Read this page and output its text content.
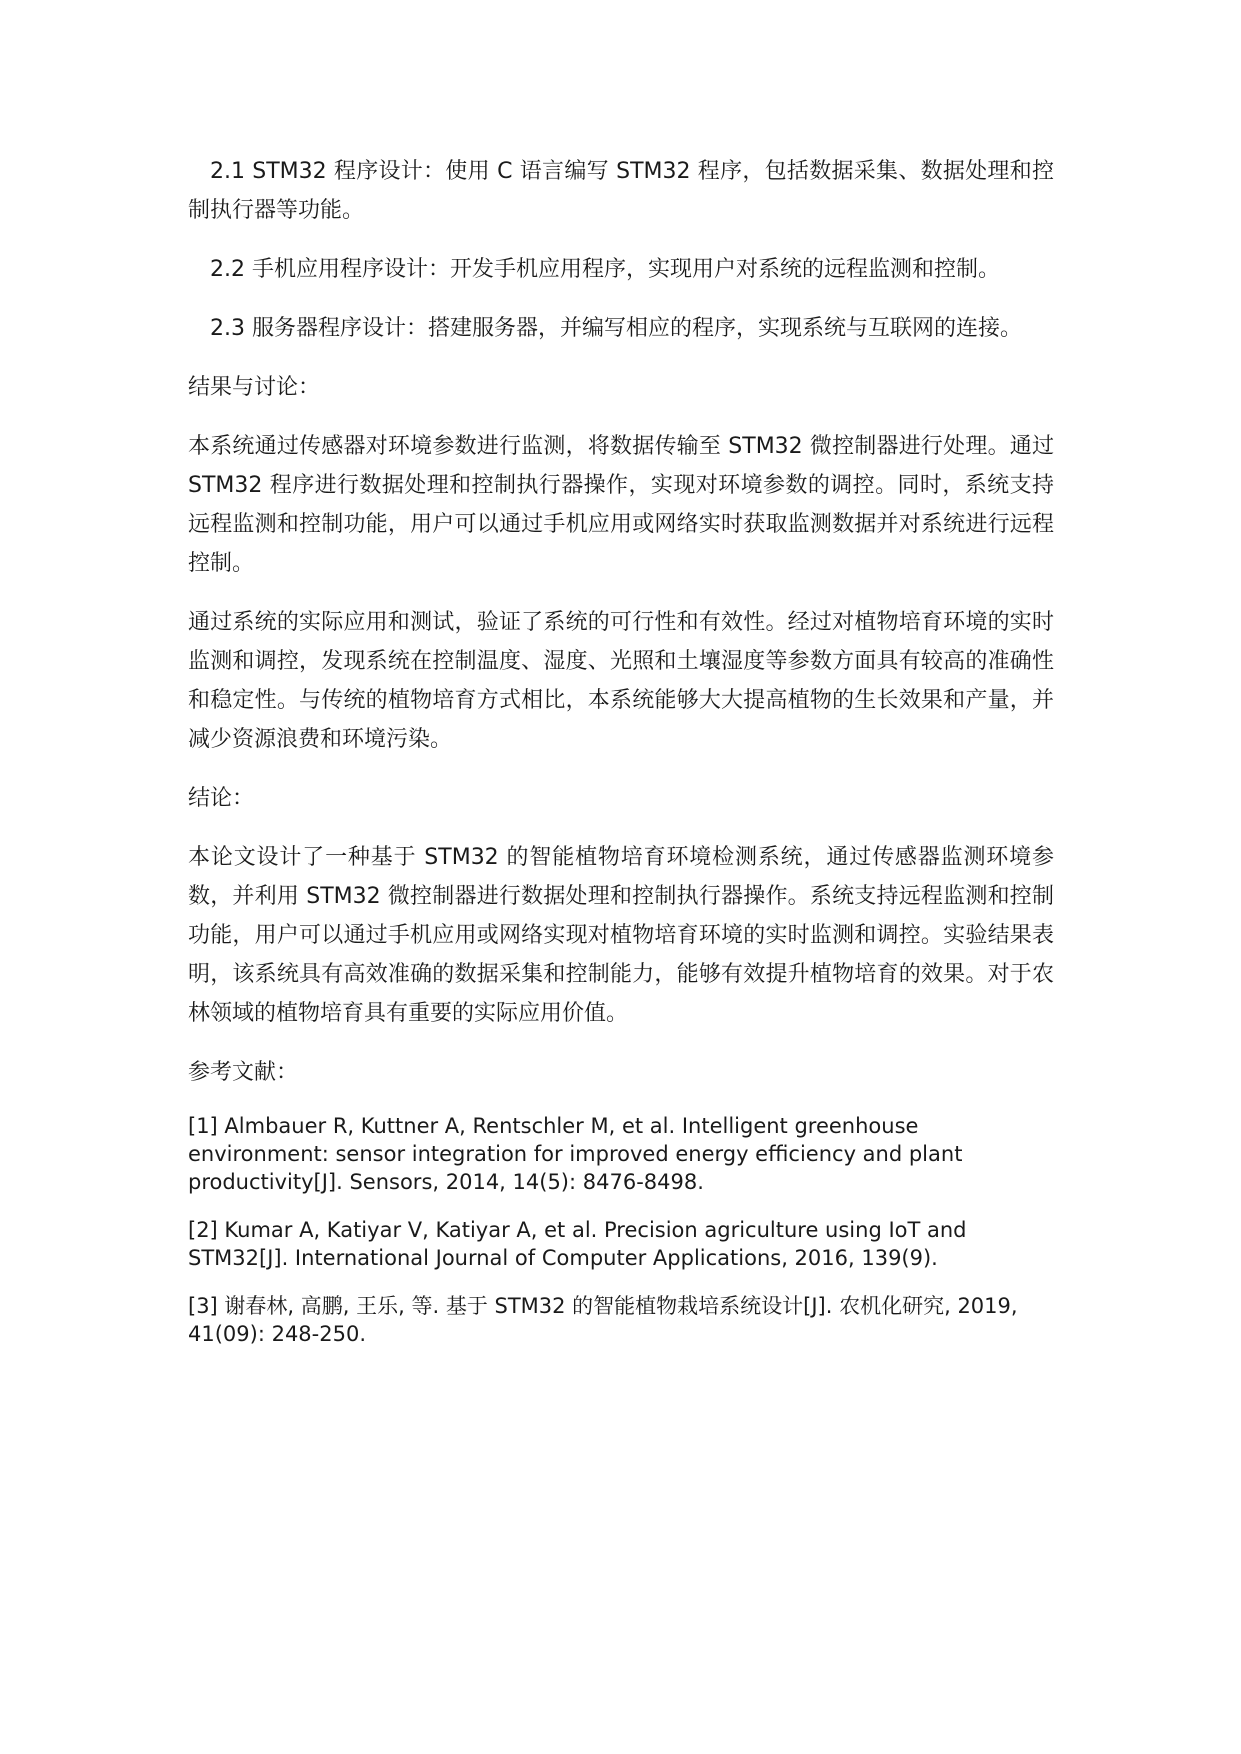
2.1 STM32 程序设计：使用 C 语言编写 STM32 程序，包括数据采集、数据处理和控制执行器等功能。

2.2 手机应用程序设计：开发手机应用程序，实现用户对系统的远程监测和控制。

2.3 服务器程序设计：搭建服务器，并编写相应的程序，实现系统与互联网的连接。

结果与讨论：

本系统通过传感器对环境参数进行监测，将数据传输至 STM32 微控制器进行处理。通过 STM32 程序进行数据处理和控制执行器操作，实现对环境参数的调控。同时，系统支持远程监测和控制功能，用户可以通过手机应用或网络实时获取监测数据并对系统进行远程控制。

通过系统的实际应用和测试，验证了系统的可行性和有效性。经过对植物培育环境的实时监测和调控，发现系统在控制温度、湿度、光照和土壤湿度等参数方面具有较高的准确性和稳定性。与传统的植物培育方式相比，本系统能够大大提高植物的生长效果和产量，并减少资源浪费和环境污染。

结论：

本论文设计了一种基于 STM32 的智能植物培育环境检测系统，通过传感器监测环境参数，并利用 STM32 微控制器进行数据处理和控制执行器操作。系统支持远程监测和控制功能，用户可以通过手机应用或网络实现对植物培育环境的实时监测和调控。实验结果表明，该系统具有高效准确的数据采集和控制能力，能够有效提升植物培育的效果。对于农林领域的植物培育具有重要的实际应用价值。

参考文献：

[1] Almbauer R, Kuttner A, Rentschler M, et al. Intelligent greenhouse environment: sensor integration for improved energy efficiency and plant productivity[J]. Sensors, 2014, 14(5): 8476-8498.

[2] Kumar A, Katiyar V, Katiyar A, et al. Precision agriculture using IoT and STM32[J]. International Journal of Computer Applications, 2016, 139(9).

[3] 谢春林, 高鹏, 王乐, 等. 基于 STM32 的智能植物栽培系统设计[J]. 农机化研究, 2019, 41(09): 248-250.
